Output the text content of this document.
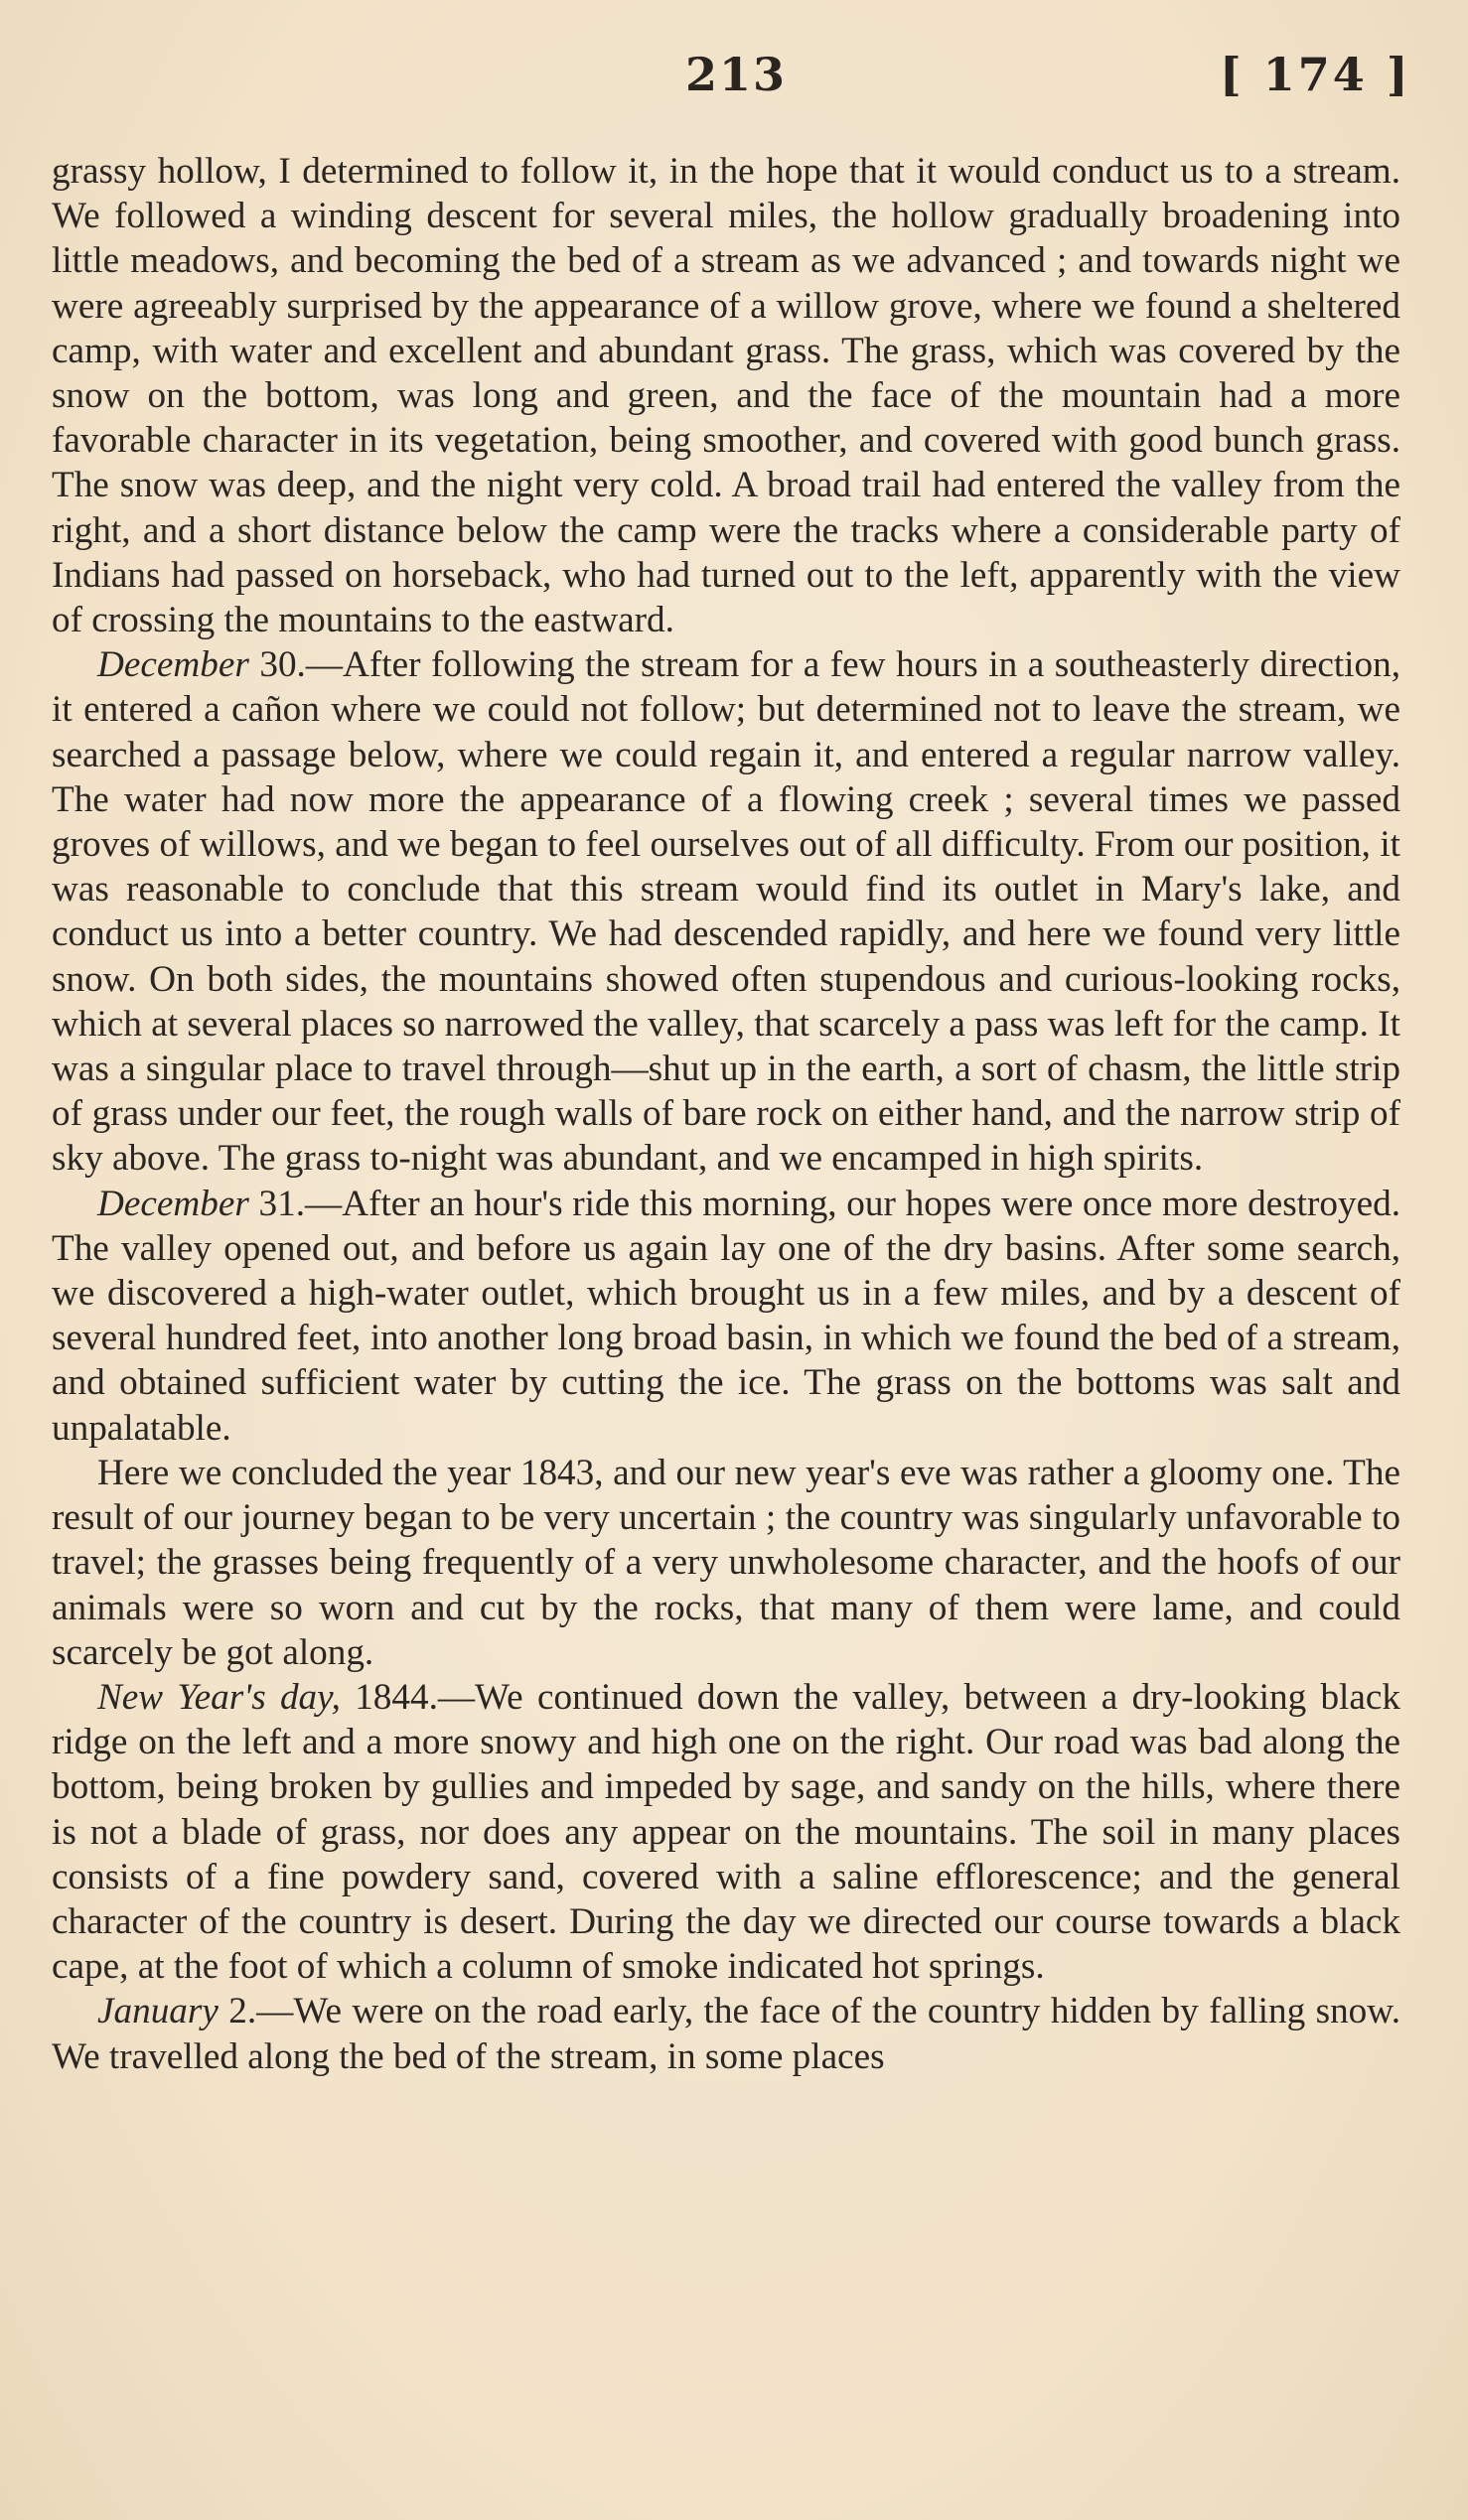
213	[ 174 ]

grassy hollow, I determined to follow it, in the hope that it would conduct us to a stream. We followed a winding descent for several miles, the hollow gradually broadening into little meadows, and becoming the bed of a stream as we advanced ; and towards night we were agreeably surprised by the appearance of a willow grove, where we found a sheltered camp, with water and excellent and abundant grass. The grass, which was covered by the snow on the bottom, was long and green, and the face of the mountain had a more favorable character in its vegetation, being smoother, and covered with good bunch grass. The snow was deep, and the night very cold. A broad trail had entered the valley from the right, and a short distance below the camp were the tracks where a considerable party of Indians had passed on horseback, who had turned out to the left, apparently with the view of crossing the mountains to the eastward.

December 30.—After following the stream for a few hours in a southeasterly direction, it entered a cañon where we could not follow; but determined not to leave the stream, we searched a passage below, where we could regain it, and entered a regular narrow valley. The water had now more the appearance of a flowing creek ; several times we passed groves of willows, and we began to feel ourselves out of all difficulty. From our position, it was reasonable to conclude that this stream would find its outlet in Mary's lake, and conduct us into a better country. We had descended rapidly, and here we found very little snow. On both sides, the mountains showed often stupendous and curious-looking rocks, which at several places so narrowed the valley, that scarcely a pass was left for the camp. It was a singular place to travel through—shut up in the earth, a sort of chasm, the little strip of grass under our feet, the rough walls of bare rock on either hand, and the narrow strip of sky above. The grass to-night was abundant, and we encamped in high spirits.

December 31.—After an hour's ride this morning, our hopes were once more destroyed. The valley opened out, and before us again lay one of the dry basins. After some search, we discovered a high-water outlet, which brought us in a few miles, and by a descent of several hundred feet, into another long broad basin, in which we found the bed of a stream, and obtained sufficient water by cutting the ice. The grass on the bottoms was salt and unpalatable.

Here we concluded the year 1843, and our new year's eve was rather a gloomy one. The result of our journey began to be very uncertain ; the country was singularly unfavorable to travel; the grasses being frequently of a very unwholesome character, and the hoofs of our animals were so worn and cut by the rocks, that many of them were lame, and could scarcely be got along.

New Year's day, 1844.—We continued down the valley, between a dry-looking black ridge on the left and a more snowy and high one on the right. Our road was bad along the bottom, being broken by gullies and impeded by sage, and sandy on the hills, where there is not a blade of grass, nor does any appear on the mountains. The soil in many places consists of a fine powdery sand, covered with a saline efflorescence; and the general character of the country is desert. During the day we directed our course towards a black cape, at the foot of which a column of smoke indicated hot springs.

January 2.—We were on the road early, the face of the country hidden by falling snow. We travelled along the bed of the stream, in some places
